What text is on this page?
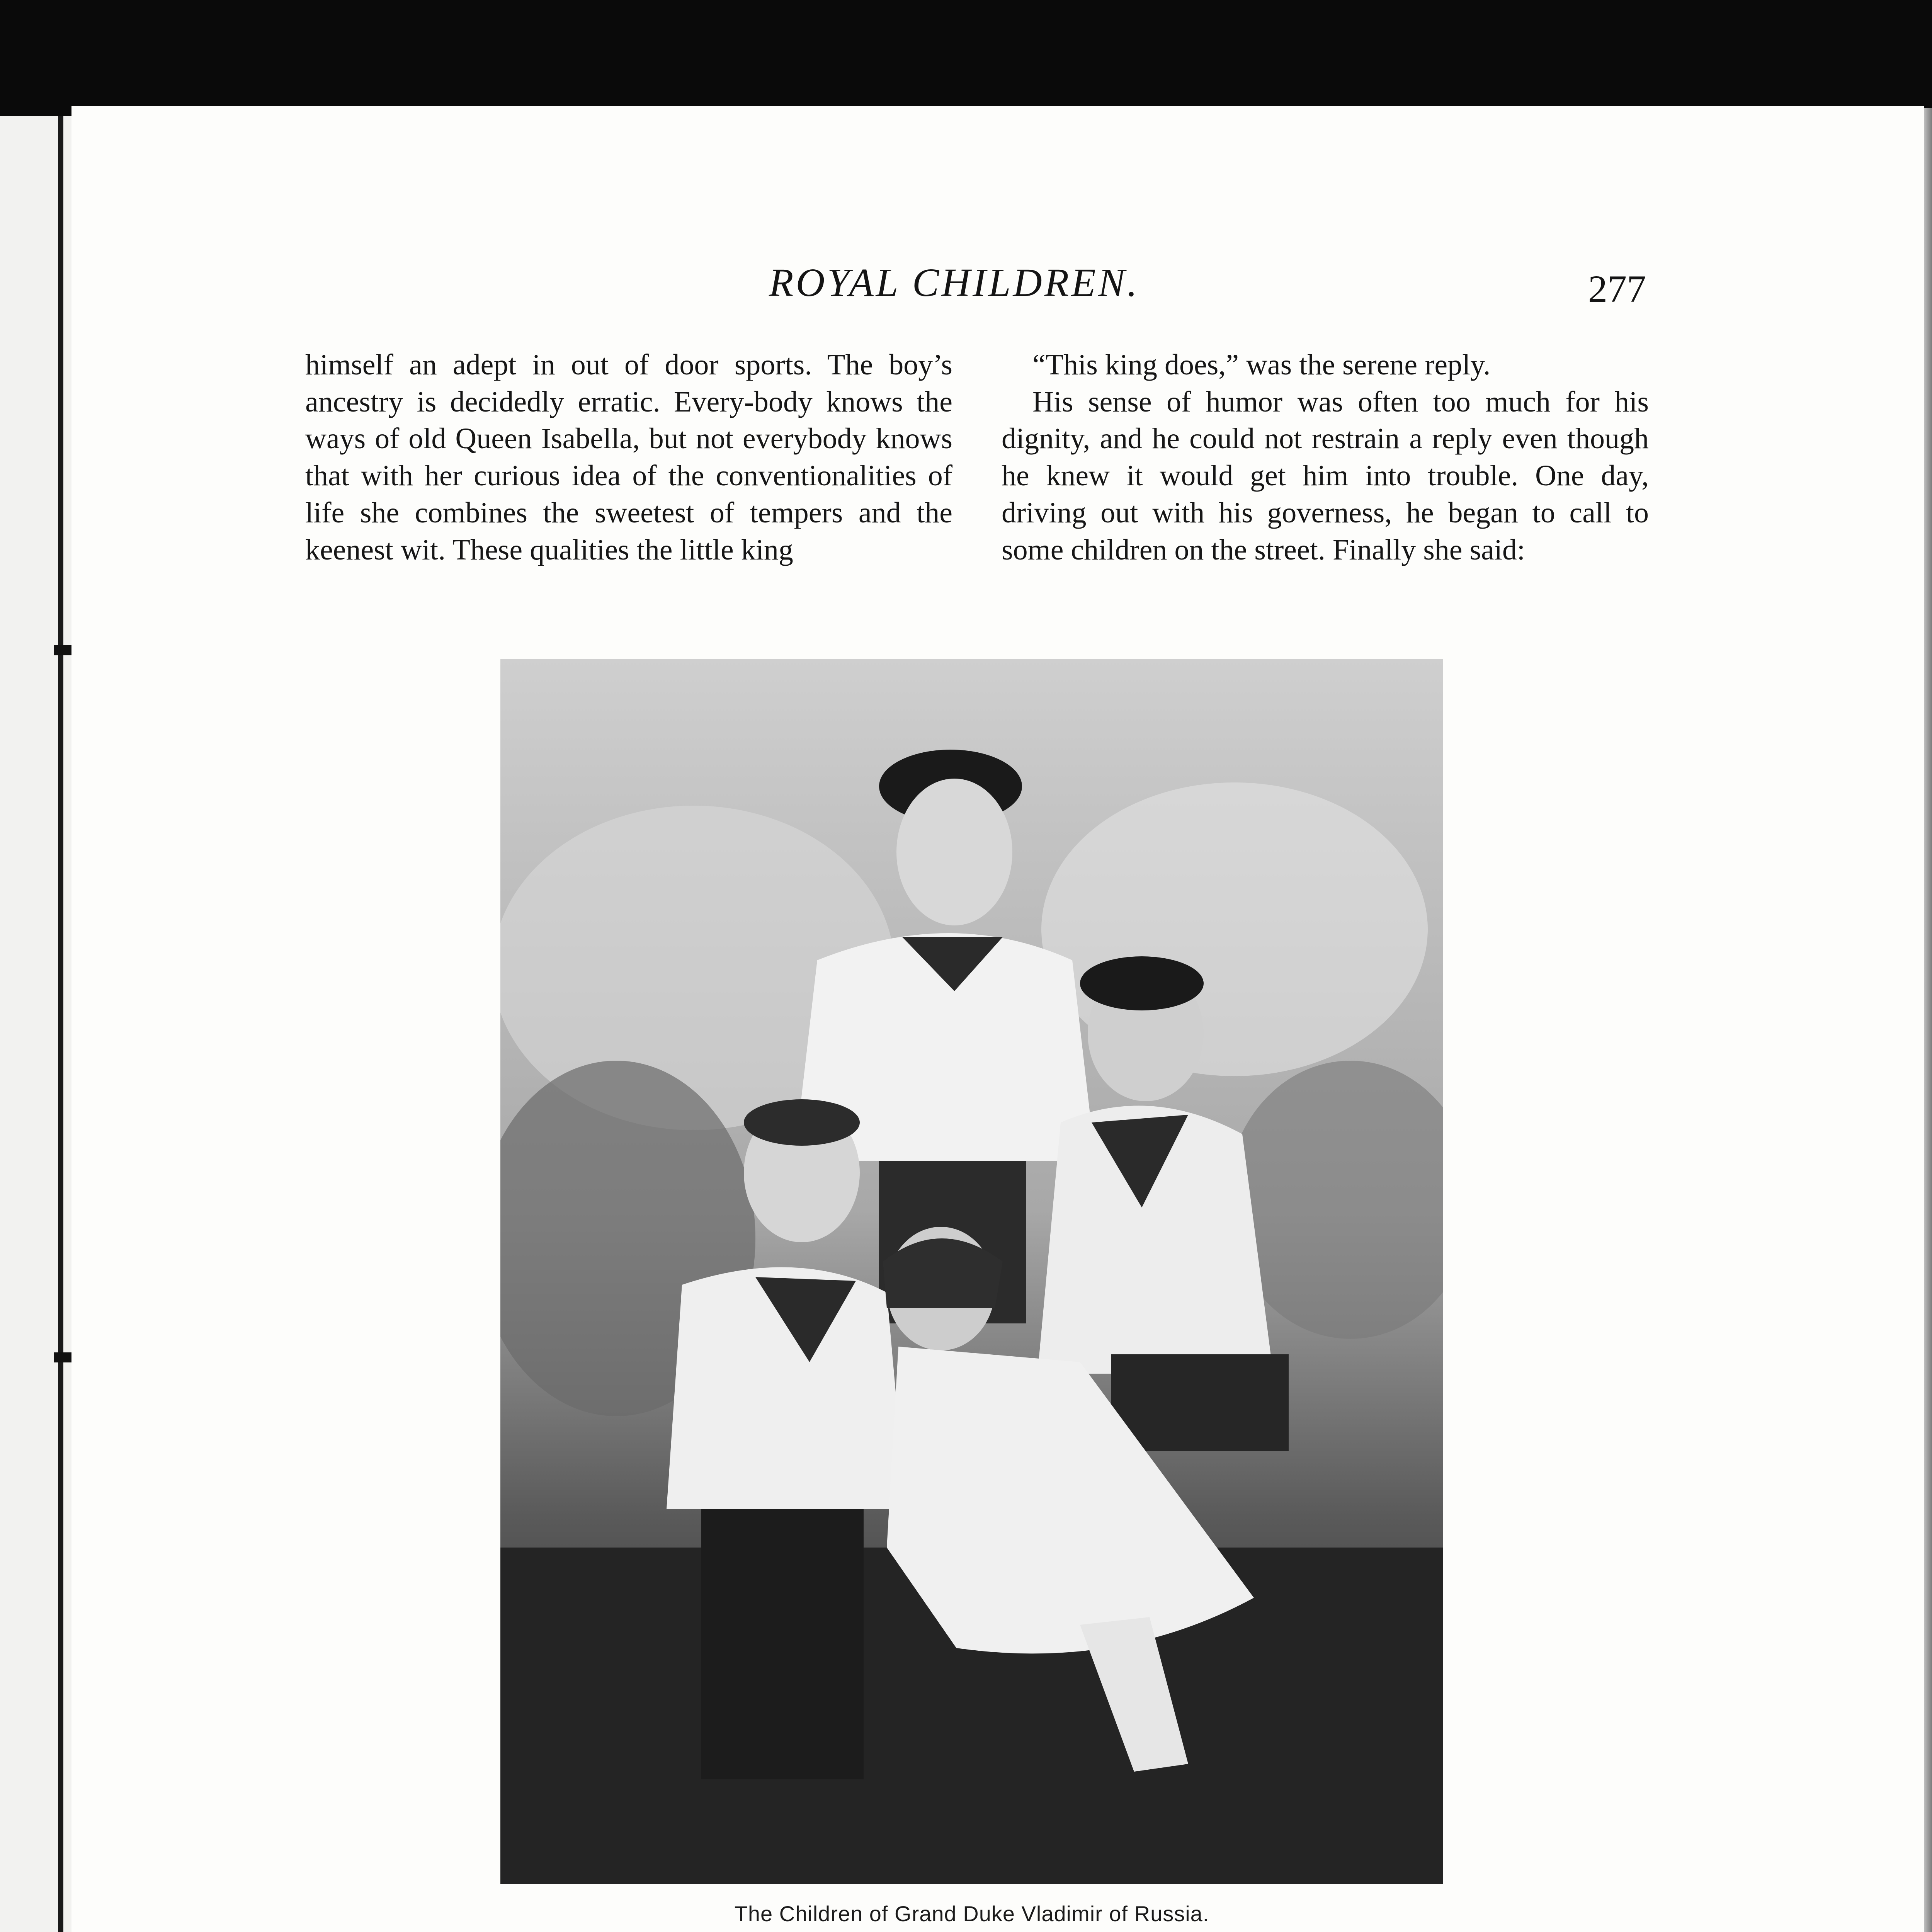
ROYAL CHILDREN.	277

himself an adept in out of door sports. The boy’s ancestry is decidedly erratic. Every-body knows the ways of old Queen Isabella, but not everybody knows that with her curious idea of the conventionalities of life she combines the sweetest of tempers and the keenest wit. These qualities the little king

“This king does,” was the serene reply.

His sense of humor was often too much for his dignity, and he could not restrain a reply even though he knew it would get him into trouble. One day, driving out with his governess, he began to call to some children on the street. Finally she said:

The Children of Grand Duke Vladimir of Russia.
